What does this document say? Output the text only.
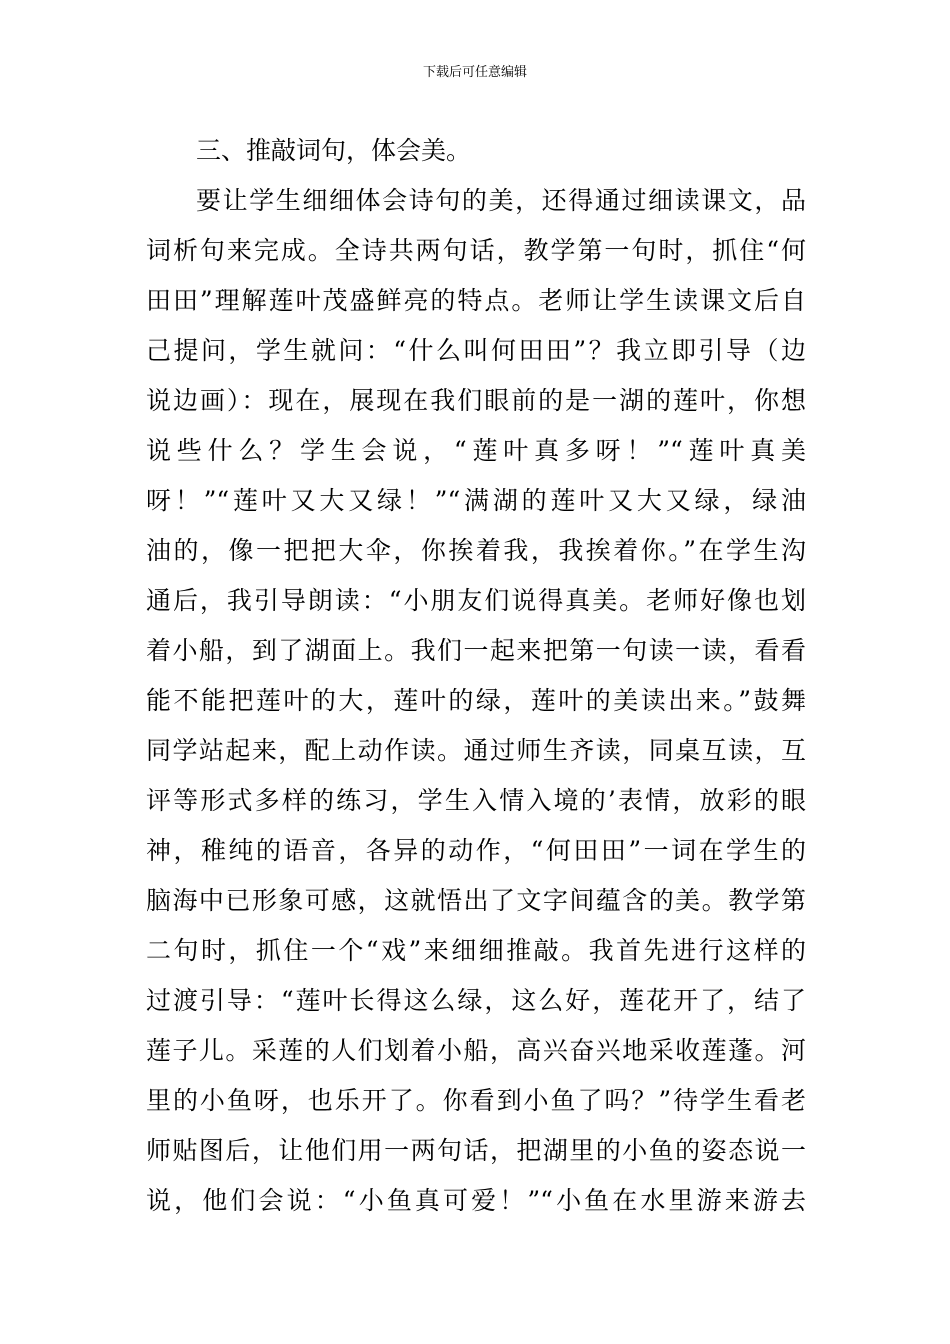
下载后可任意编辑
三、推敲词句，体会美。
要让学生细细体会诗句的美，还得通过细读课文，品
词析句来完成。全诗共两句话，教学第一句时，抓住“何
田田”理解莲叶茂盛鲜亮的特点。老师让学生读课文后自
己提问，学生就问：“什么叫何田田”？我立即引导（边
说边画）：现在，展现在我们眼前的是一湖的莲叶，你想
说些什么？学生会说，“莲叶真多呀！”“莲叶真美
呀！”“莲叶又大又绿！”“满湖的莲叶又大又绿，绿油
油的，像一把把大伞，你挨着我，我挨着你。”在学生沟
通后，我引导朗读：“小朋友们说得真美。老师好像也划
着小船，到了湖面上。我们一起来把第一句读一读，看看
能不能把莲叶的大，莲叶的绿，莲叶的美读出来。”鼓舞
同学站起来，配上动作读。通过师生齐读，同桌互读，互
评等形式多样的练习，学生入情入境的’表情，放彩的眼
神，稚纯的语音，各异的动作，“何田田”一词在学生的
脑海中已形象可感，这就悟出了文字间蕴含的美。教学第
二句时，抓住一个“戏”来细细推敲。我首先进行这样的
过渡引导：“莲叶长得这么绿，这么好，莲花开了，结了
莲子儿。采莲的人们划着小船，高兴奋兴地采收莲蓬。河
里的小鱼呀，也乐开了。你看到小鱼了吗？”待学生看老
师贴图后，让他们用一两句话，把湖里的小鱼的姿态说一
说，他们会说：“小鱼真可爱！”“小鱼在水里游来游去
